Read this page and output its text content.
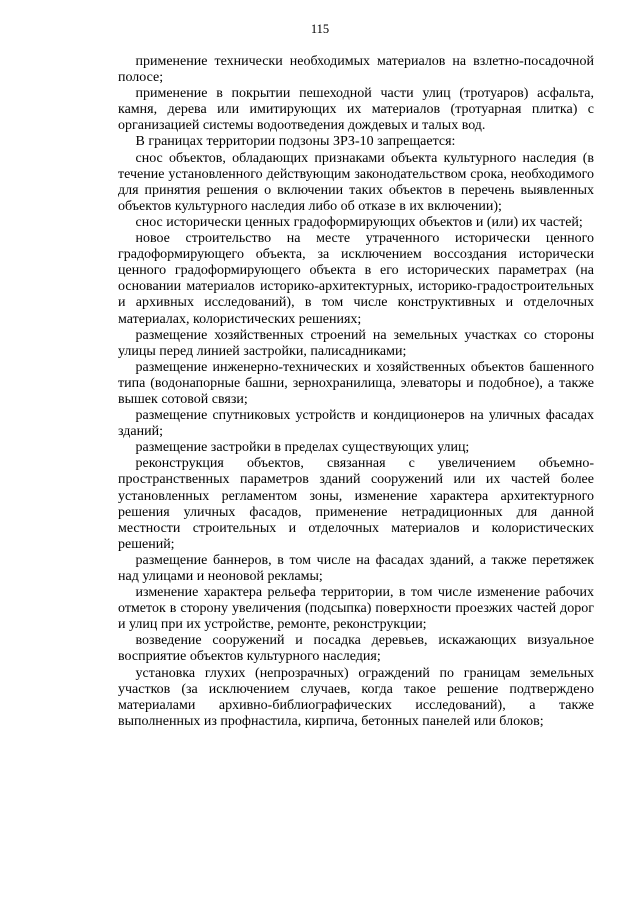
115

применение технически необходимых материалов на взлетно-посадочной полосе;

применение в покрытии пешеходной части улиц (тротуаров) асфальта, камня, дерева или имитирующих их материалов (тротуарная плитка) с организацией системы водоотведения дождевых и талых вод.

В границах территории подзоны ЗРЗ-10 запрещается:

снос объектов, обладающих признаками объекта культурного наследия (в течение установленного действующим законодательством срока, необходимого для принятия решения о включении таких объектов в перечень выявленных объектов культурного наследия либо об отказе в их включении);

снос исторически ценных градоформирующих объектов и (или) их частей;

новое строительство на месте утраченного исторически ценного градоформирующего объекта, за исключением воссоздания исторически ценного градоформирующего объекта в его исторических параметрах (на основании материалов историко-архитектурных, историко-градостроительных и архивных исследований), в том числе конструктивных и отделочных материалах, колористических решениях;

размещение хозяйственных строений на земельных участках со стороны улицы перед линией застройки, палисадниками;

размещение инженерно-технических и хозяйственных объектов башенного типа (водонапорные башни, зернохранилища, элеваторы и подобное), а также вышек сотовой связи;

размещение спутниковых устройств и кондиционеров на уличных фасадах зданий;

размещение застройки в пределах существующих улиц;

реконструкция объектов, связанная с увеличением объемно-пространственных параметров зданий сооружений или их частей более установленных регламентом зоны, изменение характера архитектурного решения уличных фасадов, применение нетрадиционных для данной местности строительных и отделочных материалов и колористических решений;

размещение баннеров, в том числе на фасадах зданий, а также перетяжек над улицами и неоновой рекламы;

изменение характера рельефа территории, в том числе изменение рабочих отметок в сторону увеличения (подсыпка) поверхности проезжих частей дорог и улиц при их устройстве, ремонте, реконструкции;

возведение сооружений и посадка деревьев, искажающих визуальное восприятие объектов культурного наследия;

установка глухих (непрозрачных) ограждений по границам земельных участков (за исключением случаев, когда такое решение подтверждено материалами архивно-библиографических исследований), а также выполненных из профнастила, кирпича, бетонных панелей или блоков;
